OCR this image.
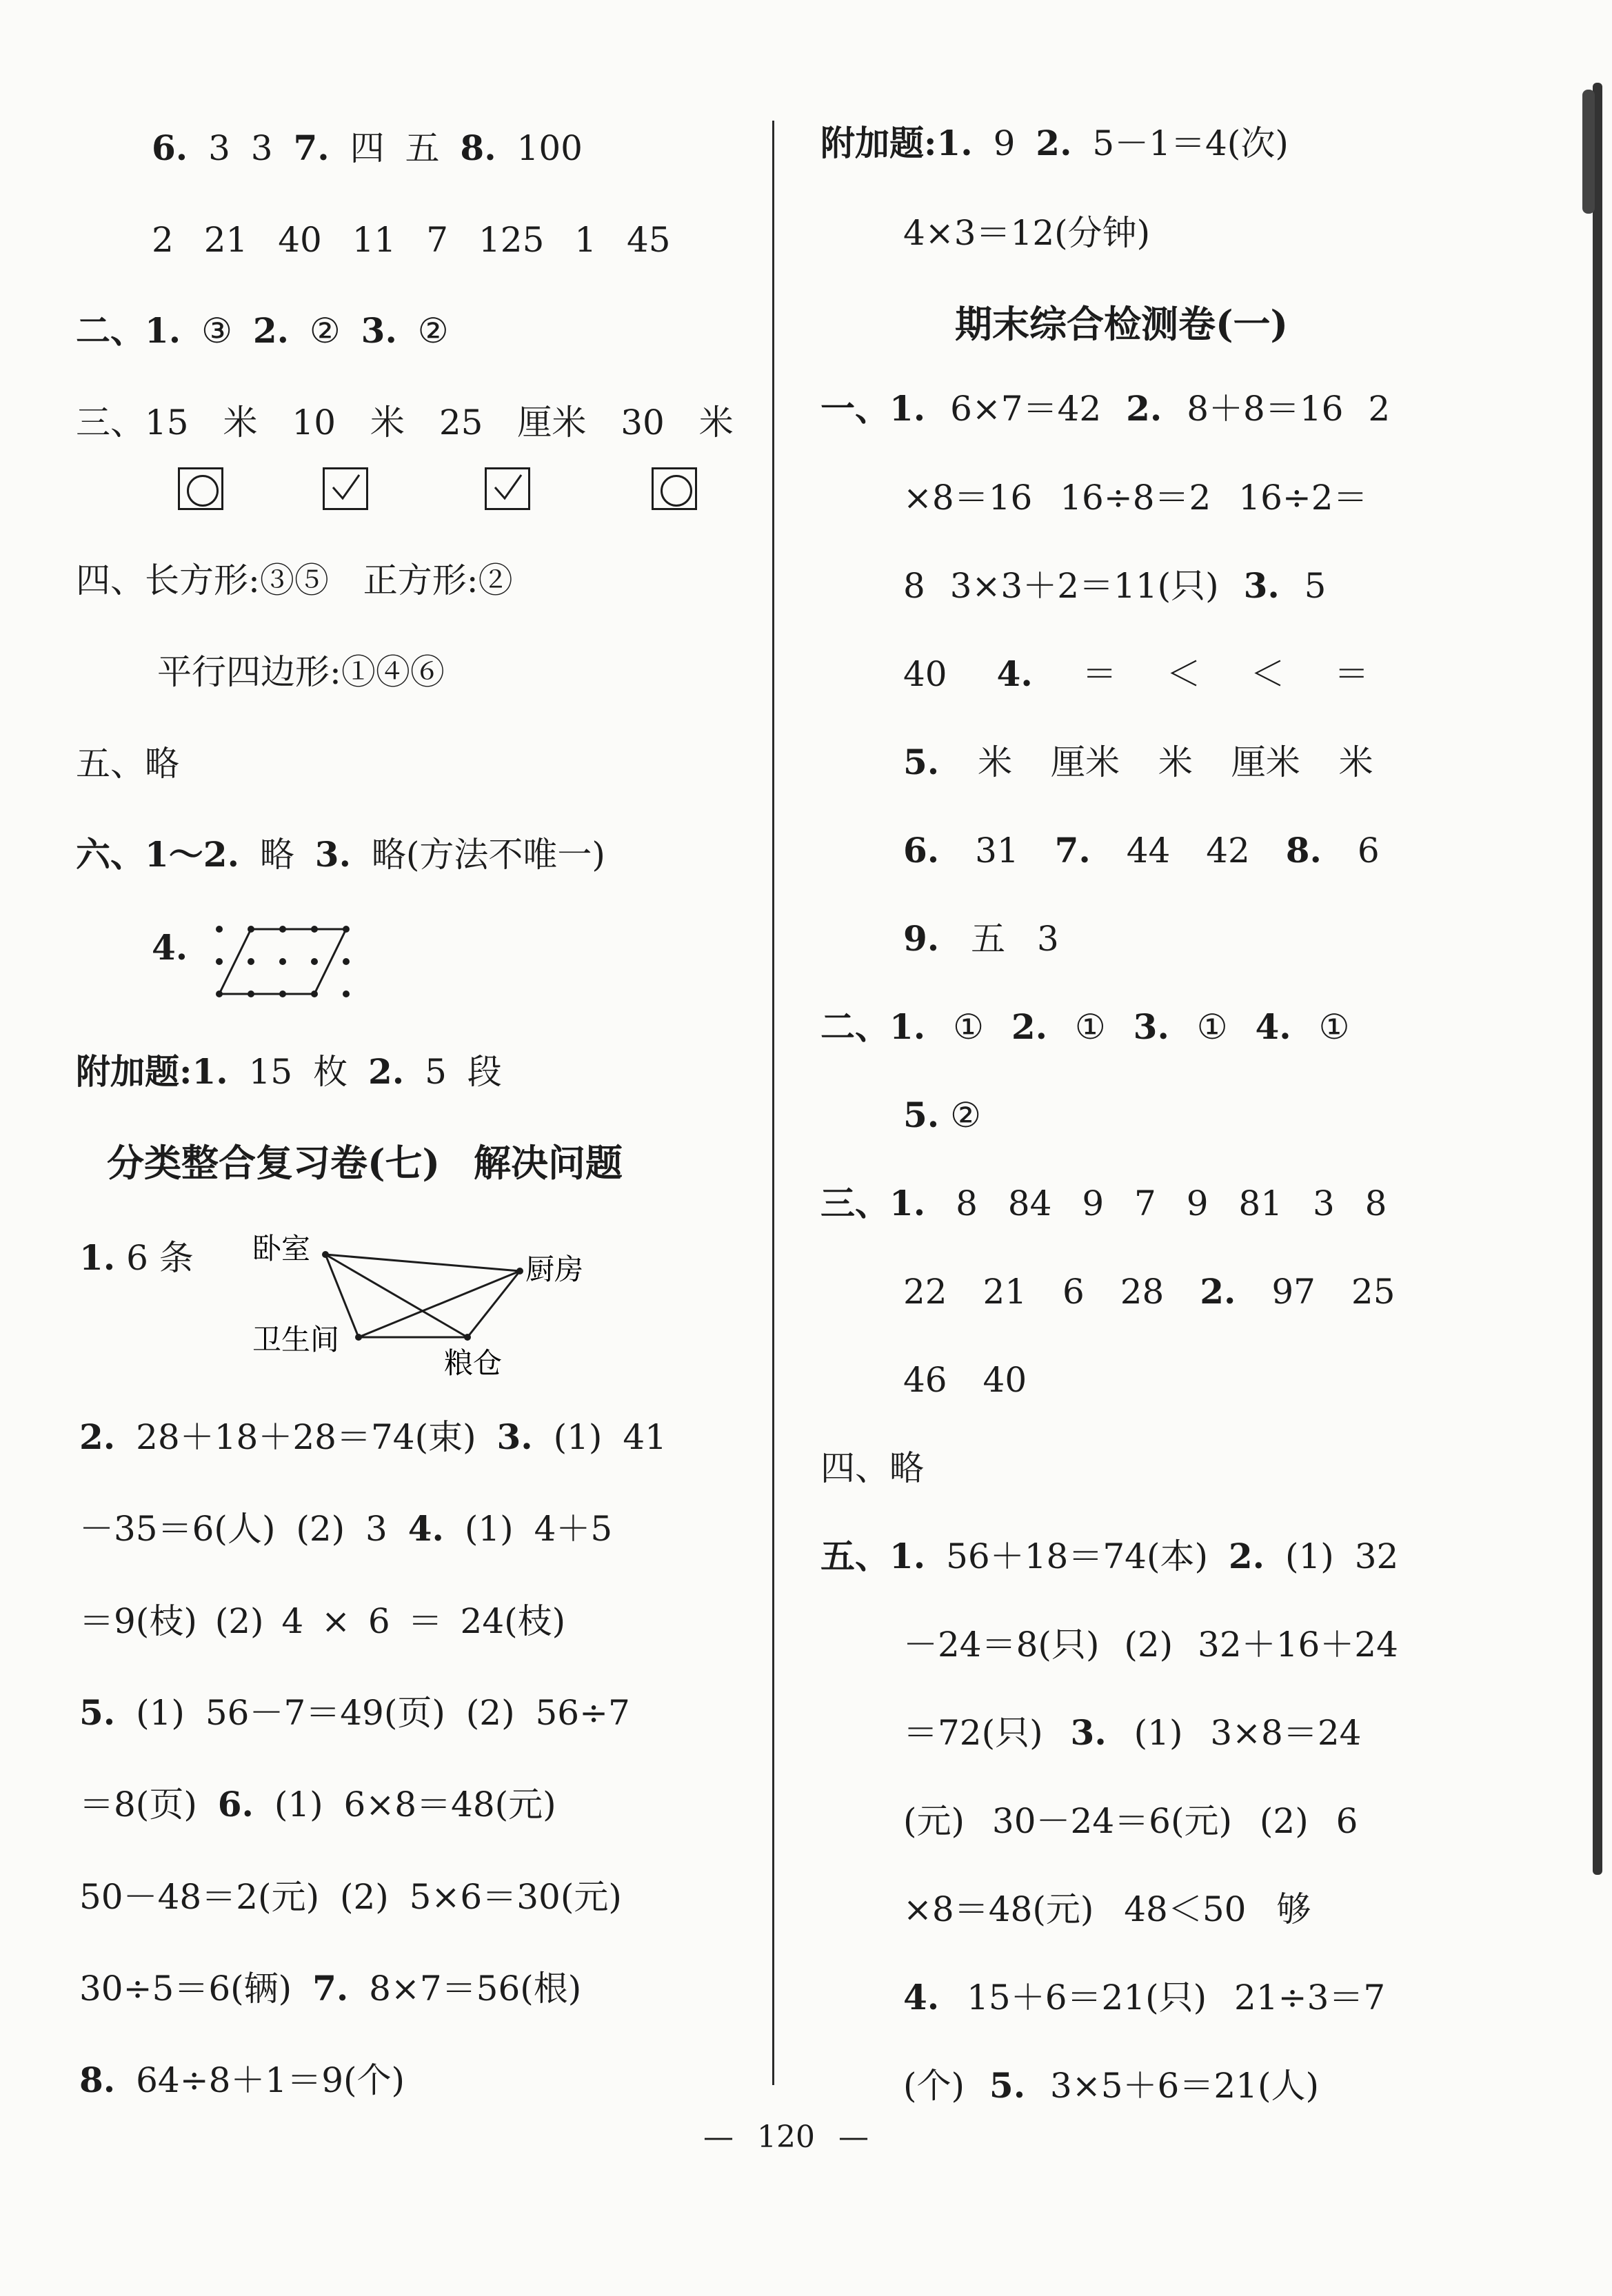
6. 3 3 7. 四 五 8. 100
2 21 40 11 7 125 1 45
二、1. ③ 2. ② 3. ②
三、15 米 10 米 25 厘米 30 米
四、长方形:③⑤ 正方形:②
平行四边形:①④⑥
五、略
六、1～2. 略 3. 略(方法不唯一)
4.
附加题:1. 15 枚 2. 5 段
分类整合复习卷(七) 解决问题
1. 6 条 卧室
厨房
卫生间
粮仓
2. 28＋18＋28＝74(束) 3. (1) 41
－35＝6(人) (2) 3 4. (1) 4＋5
＝9(枝) (2) 4 × 6 ＝ 24(枝)
5. (1) 56－7＝49(页) (2) 56÷7
＝8(页) 6. (1) 6×8＝48(元)
50－48＝2(元) (2) 5×6＝30(元)
30÷5＝6(辆) 7. 8×7＝56(根)
8. 64÷8＋1＝9(个)
附加题:1. 9 2. 5－1＝4(次)
4×3＝12(分钟)
期末综合检测卷(一)
一、1. 6×7＝42 2. 8＋8＝16 2
×8＝16 16÷8＝2 16÷2＝
8 3×3＋2＝11(只) 3. 5
40 4. ＝ ＜ ＜ ＝
5. 米 厘米 米 厘米 米
6. 31 7. 44 42 8. 6
9. 五 3
二、1. ① 2. ① 3. ① 4. ①
5. ②
三、1. 8 84 9 7 9 81 3 8
22 21 6 28 2. 97 25
46 40
四、略
五、1. 56＋18＝74(本) 2. (1) 32
－24＝8(只) (2) 32＋16＋24
＝72(只) 3. (1) 3×8＝24
(元) 30－24＝6(元) (2) 6
×8＝48(元) 48＜50 够
4. 15＋6＝21(只) 21÷3＝7
(个) 5. 3×5＋6＝21(人)
— 120 —
